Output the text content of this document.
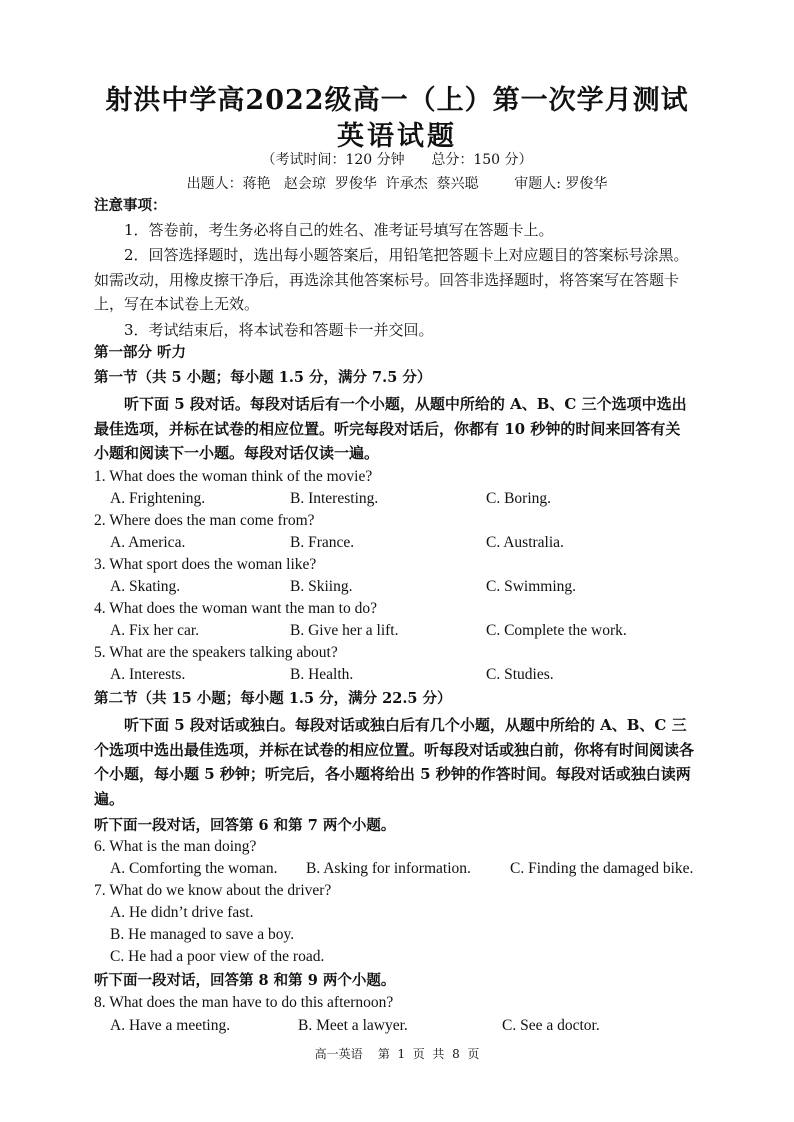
射洪中学高2022级高一（上）第一次学月测试
英语试题
（考试时间：120 分钟      总分：150 分）
出题人：蒋艳   赵会琼  罗俊华  许承杰  蔡兴聪        审题人: 罗俊华
注意事项：
1．答卷前，考生务必将自己的姓名、准考证号填写在答题卡上。
2．回答选择题时，选出每小题答案后，用铅笔把答题卡上对应题目的答案标号涂黑。如需改动，用橡皮擦干净后，再选涂其他答案标号。回答非选择题时，将答案写在答题卡上，写在本试卷上无效。
3．考试结束后，将本试卷和答题卡一并交回。
第一部分 听力
第一节（共 5 小题；每小题 1.5 分，满分 7.5 分）
听下面 5 段对话。每段对话后有一个小题，从题中所给的 A、B、C 三个选项中选出最佳选项，并标在试卷的相应位置。听完每段对话后，你都有 10 秒钟的时间来回答有关小题和阅读下一小题。每段对话仅读一遍。
1. What does the woman think of the movie?
A. Frightening.	B. Interesting.	C. Boring.
2. Where does the man come from?
A. America.	B. France.	C. Australia.
3. What sport does the woman like?
A. Skating.	B. Skiing.	C. Swimming.
4. What does the woman want the man to do?
A. Fix her car.	B. Give her a lift.	C. Complete the work.
5. What are the speakers talking about?
A. Interests.	B. Health.	C. Studies.
第二节（共 15 小题；每小题 1.5 分，满分 22.5 分）
听下面 5 段对话或独白。每段对话或独白后有几个小题，从题中所给的 A、B、C 三个选项中选出最佳选项，并标在试卷的相应位置。听每段对话或独白前，你将有时间阅读各个小题，每小题 5 秒钟；听完后，各小题将给出 5 秒钟的作答时间。每段对话或独白读两遍。
听下面一段对话，回答第 6 和第 7 两个小题。
6. What is the man doing?
A. Comforting the woman. B. Asking for information.	C. Finding the damaged bike.
7. What do we know about the driver?
A. He didn’t drive fast.
B. He managed to save a boy.
C. He had a poor view of the road.
听下面一段对话，回答第 8 和第 9 两个小题。
8. What does the man have to do this afternoon?
A. Have a meeting.	B. Meet a lawyer.	C. See a doctor.
高一英语    第  1  页  共  8  页
